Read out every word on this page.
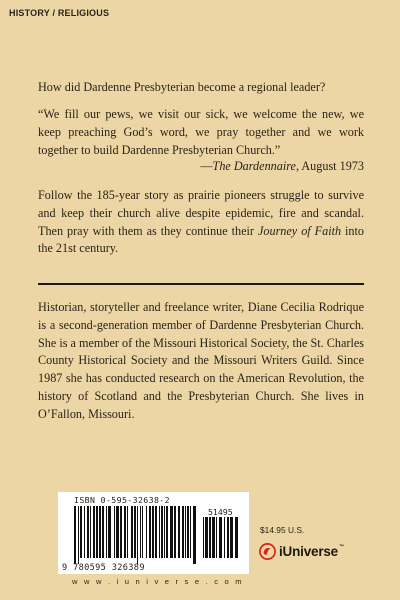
HISTORY / RELIGIOUS
How did Dardenne Presbyterian become a regional leader?
“We fill our pews, we visit our sick, we welcome the new, we keep preaching God’s word, we pray together and we work together to build Dardenne Presbyterian Church.”
—The Dardennaire, August 1973
Follow the 185-year story as prairie pioneers struggle to survive and keep their church alive despite epidemic, fire and scandal. Then pray with them as they continue their Journey of Faith into the 21st century.
Historian, storyteller and freelance writer, Diane Cecilia Rodrique is a second-generation member of Dardenne Presbyterian Church. She is a member of the Missouri Historical Society, the St. Charles County Historical Society and the Missouri Writers Guild. Since 1987 she has conducted research on the American Revolution, the history of Scotland and the Presbyterian Church. She lives in O’Fallon, Missouri.
ISBN 0-595-32638-2
51495
9 780595 326389
w w w . i u n i v e r s e . c o m
$14.95 U.S.
iUniverse™
